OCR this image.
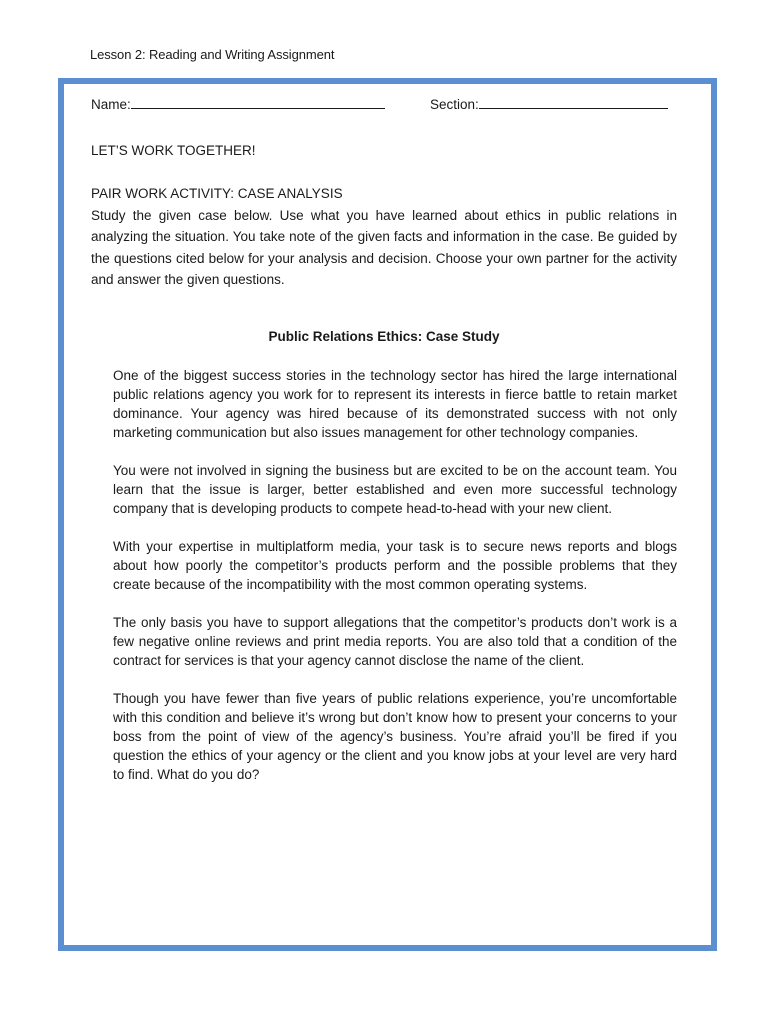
Lesson 2: Reading and Writing Assignment
Name:	Section:

LET’S WORK TOGETHER!

PAIR WORK ACTIVITY: CASE ANALYSIS

Study the given case below. Use what you have learned about ethics in public relations in analyzing the situation. You take note of the given facts and information in the case. Be guided by the questions cited below for your analysis and decision. Choose your own partner for the activity and answer the given questions.

Public Relations Ethics: Case Study

One of the biggest success stories in the technology sector has hired the large international public relations agency you work for to represent its interests in fierce battle to retain market dominance. Your agency was hired because of its demonstrated success with not only marketing communication but also issues management for other technology companies.

You were not involved in signing the business but are excited to be on the account team. You learn that the issue is larger, better established and even more successful technology company that is developing products to compete head-to-head with your new client.

With your expertise in multiplatform media, your task is to secure news reports and blogs about how poorly the competitor’s products perform and the possible problems that they create because of the incompatibility with the most common operating systems.

The only basis you have to support allegations that the competitor’s products don’t work is a few negative online reviews and print media reports. You are also told that a condition of the contract for services is that your agency cannot disclose the name of the client.

Though you have fewer than five years of public relations experience, you’re uncomfortable with this condition and believe it’s wrong but don’t know how to present your concerns to your boss from the point of view of the agency’s business. You’re afraid you’ll be fired if you question the ethics of your agency or the client and you know jobs at your level are very hard to find. What do you do?
